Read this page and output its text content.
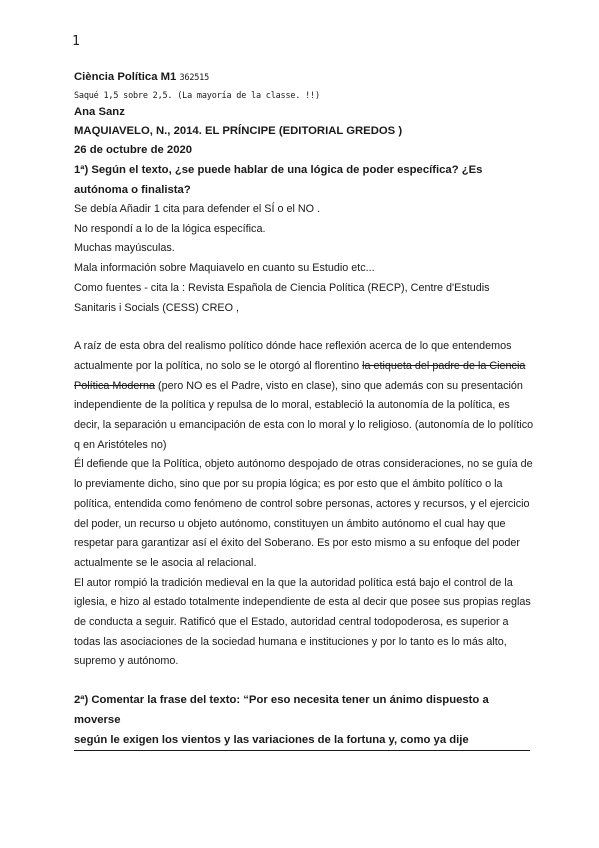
1

Ciència Política M1 362515

Saqué 1,5 sobre 2,5. (La mayoría de la classe. !!)

Ana Sanz

MAQUIAVELO, N., 2014. EL PRÍNCIPE (EDITORIAL GREDOS )

26 de octubre de 2020

1ª) Según el texto, ¿se puede hablar de una lógica de poder específica? ¿Es autónoma o finalista?

Se debía Añadir 1 cita para defender el SÍ o el NO .

No respondí a lo de la lógica específica.

Muchas mayúsculas.

Mala información sobre Maquiavelo en cuanto su Estudio etc...

Como fuentes - cita la : Revista Española de Ciencia Política (RECP), Centre d'Estudis Sanitaris i Socials (CESS) CREO ,

A raíz de esta obra del realismo político dónde hace reflexión acerca de lo que entendemos actualmente por la política, no solo se le otorgó al florentino la etiqueta del padre de la Ciencia Política Moderna (pero NO es el Padre, visto en clase), sino que además con su presentación independiente de la política y repulsa de lo moral, estableció la autonomía de la política, es decir, la separación u emancipación de esta con lo moral y lo religioso. (autonomía de lo político q en Aristóteles no)

Él defiende que la Política, objeto autónomo despojado de otras consideraciones, no se guía de lo previamente dicho, sino que por su propia lógica; es por esto que el ámbito político o la política, entendida como fenómeno de control sobre personas, actores y recursos, y el ejercicio del poder, un recurso u objeto autónomo, constituyen un ámbito autónomo el cual hay que respetar para garantizar así el éxito del Soberano. Es por esto mismo a su enfoque del poder actualmente se le asocia al relacional.

El autor rompió la tradición medieval en la que la autoridad política está bajo el control de la iglesia, e hizo al estado totalmente independiente de esta al decir que posee sus propias reglas de conducta a seguir. Ratificó que el Estado, autoridad central todopoderosa, es superior a todas las asociaciones de la sociedad humana e instituciones y por lo tanto es lo más alto, supremo y autónomo.

2ª) Comentar la frase del texto: “Por eso necesita tener un ánimo dispuesto a moverse

según le exigen los vientos y las variaciones de la fortuna y, como ya dije
